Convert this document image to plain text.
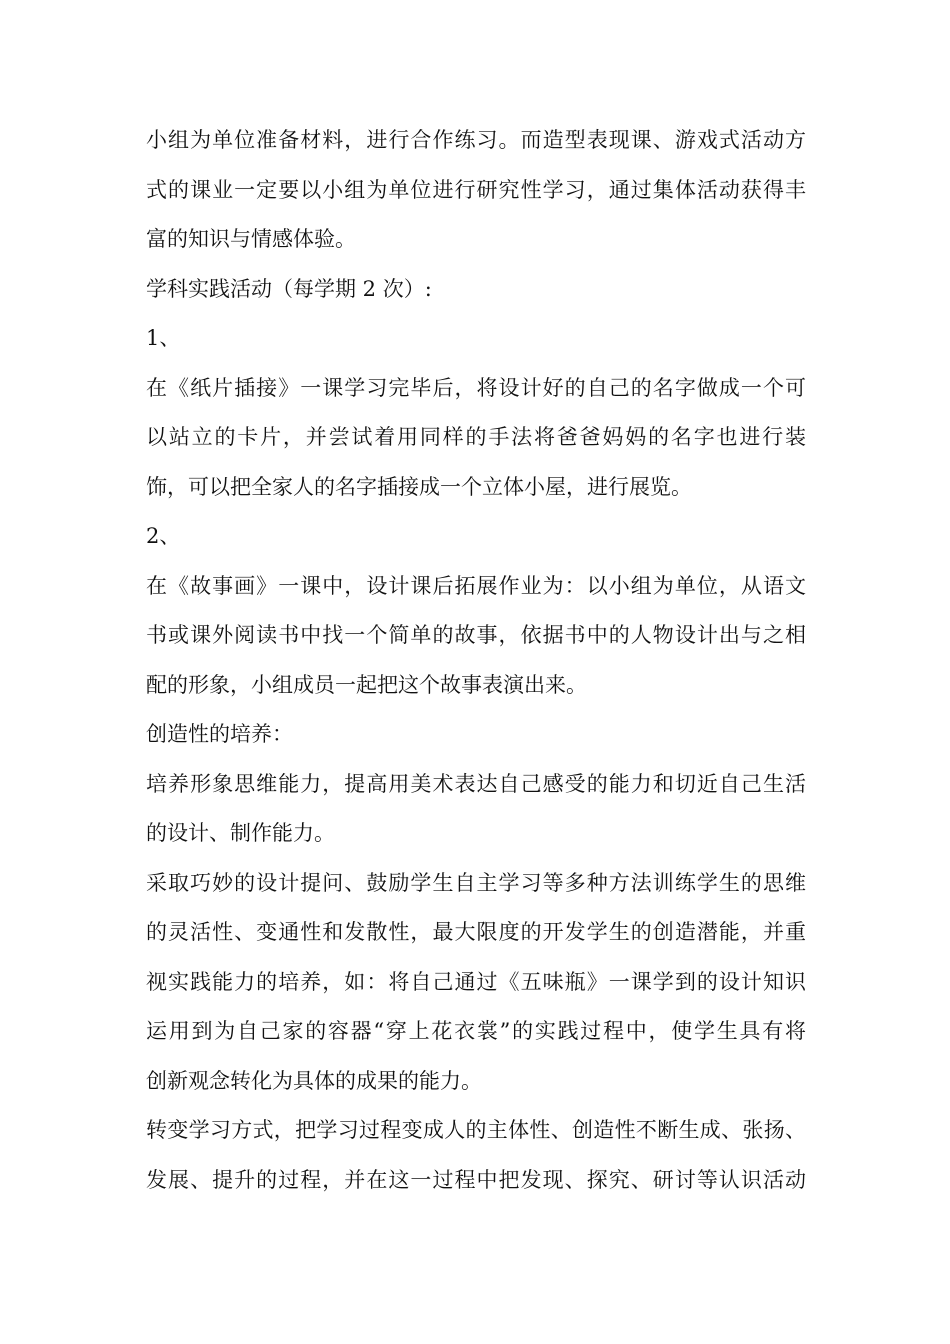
小组为单位准备材料，进行合作练习。而造型表现课、游戏式活动方
式的课业一定要以小组为单位进行研究性学习，通过集体活动获得丰
富的知识与情感体验。
学科实践活动（每学期 2 次）:
1、
在《纸片插接》一课学习完毕后，将设计好的自己的名字做成一个可
以站立的卡片，并尝试着用同样的手法将爸爸妈妈的名字也进行装
饰，可以把全家人的名字插接成一个立体小屋，进行展览。
2、
在《故事画》一课中，设计课后拓展作业为：以小组为单位，从语文
书或课外阅读书中找一个简单的故事，依据书中的人物设计出与之相
配的形象，小组成员一起把这个故事表演出来。
创造性的培养：
培养形象思维能力，提高用美术表达自己感受的能力和切近自己生活
的设计、制作能力。
采取巧妙的设计提问、鼓励学生自主学习等多种方法训练学生的思维
的灵活性、变通性和发散性，最大限度的开发学生的创造潜能，并重
视实践能力的培养，如：将自己通过《五味瓶》一课学到的设计知识
运用到为自己家的容器“穿上花衣裳”的实践过程中，使学生具有将
创新观念转化为具体的成果的能力。
转变学习方式，把学习过程变成人的主体性、创造性不断生成、张扬、
发展、提升的过程，并在这一过程中把发现、探究、研讨等认识活动
